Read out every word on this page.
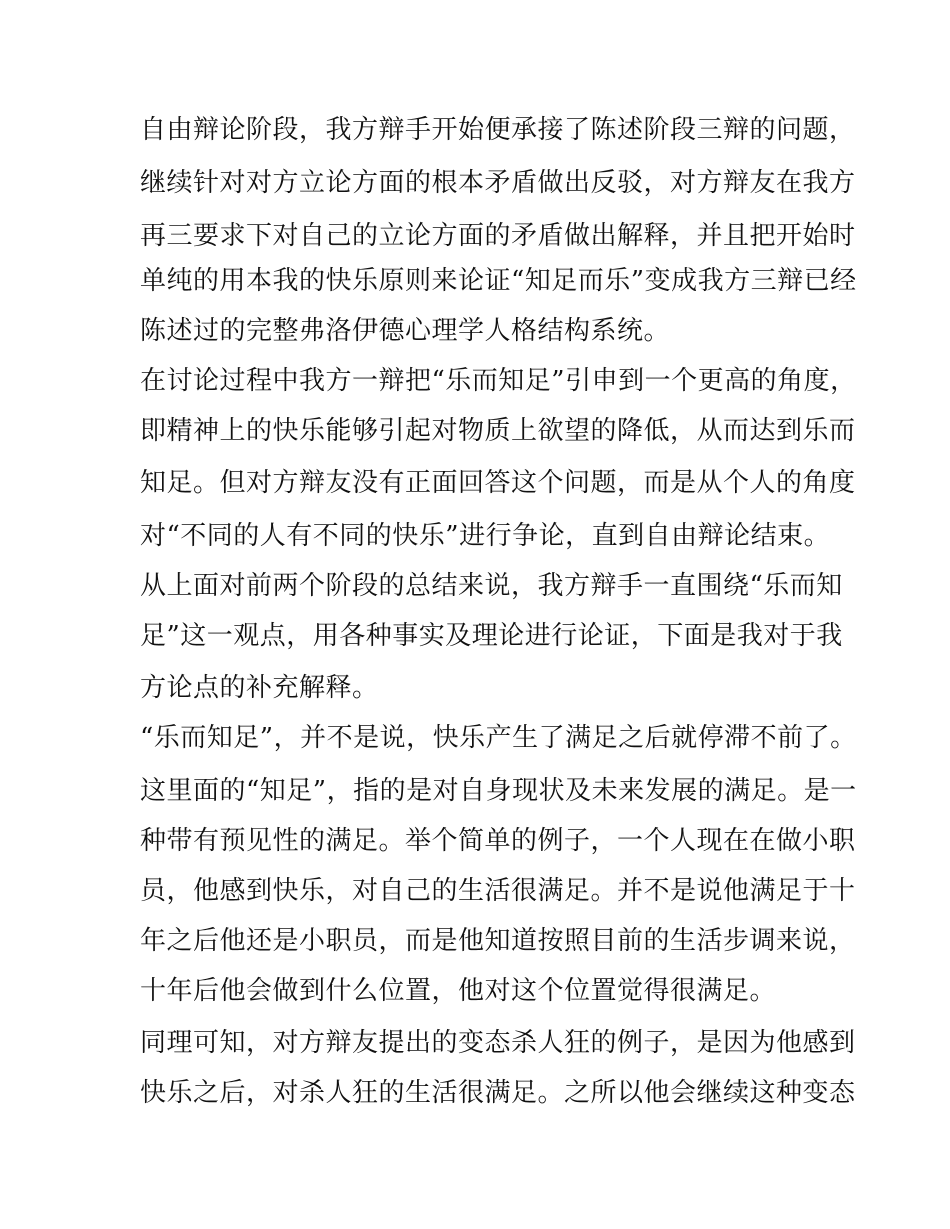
自由辩论阶段，我方辩手开始便承接了陈述阶段三辩的问题，
继续针对对方立论方面的根本矛盾做出反驳，对方辩友在我方
再三要求下对自己的立论方面的矛盾做出解释，并且把开始时
单纯的用本我的快乐原则来论证“知足而乐”变成我方三辩已经
陈述过的完整弗洛伊德心理学人格结构系统。
在讨论过程中我方一辩把“乐而知足”引申到一个更高的角度，
即精神上的快乐能够引起对物质上欲望的降低，从而达到乐而
知足。但对方辩友没有正面回答这个问题，而是从个人的角度
对“不同的人有不同的快乐”进行争论，直到自由辩论结束。
从上面对前两个阶段的总结来说，我方辩手一直围绕“乐而知
足”这一观点，用各种事实及理论进行论证，下面是我对于我
方论点的补充解释。
“乐而知足”，并不是说，快乐产生了满足之后就停滞不前了。
这里面的“知足”，指的是对自身现状及未来发展的满足。是一
种带有预见性的满足。举个简单的例子，一个人现在在做小职
员，他感到快乐，对自己的生活很满足。并不是说他满足于十
年之后他还是小职员，而是他知道按照目前的生活步调来说，
十年后他会做到什么位置，他对这个位置觉得很满足。
同理可知，对方辩友提出的变态杀人狂的例子，是因为他感到
快乐之后，对杀人狂的生活很满足。之所以他会继续这种变态
